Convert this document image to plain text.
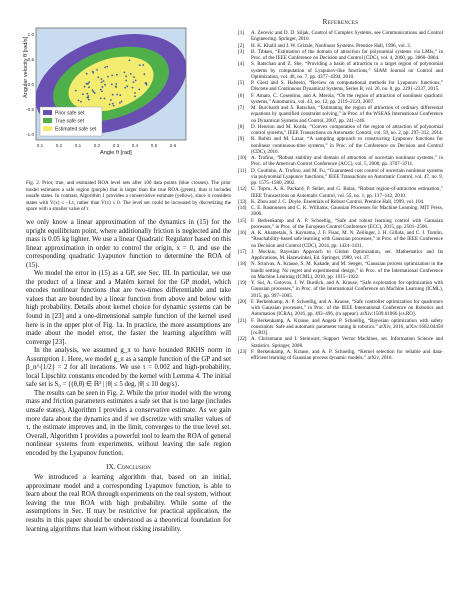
Prior safe set
True safe set
Estimated safe set
1.0
0.5
0.0
-0.5
-1.0
0.1	0.2	0.1	0.2	0.3	0.4	0.5	0.6
Angular velocity θ̇ [rad/s]
Angle θ [rad]
Fig. 2. Prior, true, and estimated ROA level sets after 100 data points (blue crosses). The prior model estimates a safe region (purple) that is larger than the true ROA (green), thus it includes unsafe states. In contrast, Algorithm 1 provides a conservative estimate (yellow), since it considers states with V̇(x) ≤ −Lτ, rather than V̇(x) ≤ 0. The level set could be increased by discretizing the space with a smaller value of τ.

we only know a linear approximation of the dynamics in (15) for the upright equilibrium point, where additionally friction is neglected and the mass is 0.05 kg lighter. We use a linear Quadratic Regulator based on this linear approximation in order to control the origin, x = 0, and use the corresponding quadratic Lyapunov function to determine the ROA of (15).

We model the error in (15) as a GP, see Sec. III. In particular, we use the product of a linear and a Matérn kernel for the GP model, which encodes nonlinear functions that are two-times differentiable and take values that are bounded by a linear function from above and below with high probability. Details about kernel choice for dynamic systems can be found in [23] and a one-dimensional sample function of the kernel used here is in the upper plot of Fig. 1a. In practice, the more assumptions are made about the model error, the faster the learning algorithm will converge [23].

In the analysis, we assumed g_π to have bounded RKHS norm in Assumption 1. Here, we model g_π as a sample function of the GP and set β_n^{1/2} = 2 for all iterations. We use τ = 0.002 and high-probability, local Lipschitz constants encoded by the kernel with Lemma 4. The initial safe set is S₀ = {(θ,θ̇) ∈ ℝ² | |θ| ≤ 5 deg, |θ̇| ≤ 10 deg/s}.

The results can be seen in Fig. 2. While the prior model with the wrong mass and friction parameters estimates a safe set that is too large (includes unsafe states), Algorithm I provides a conservative estimate. As we gain more data about the dynamics and if we discretize with smaller values of τ, the estimate improves and, in the limit, converges to the true level set. Overall, Algorithm I provides a powerful tool to learn the ROA of general nonlinear systems from experiments, without leaving the safe region encoded by the Lyapunov function.

IX. Conclusion

We introduced a learning algorithm that, based on an initial, approximate model and a corresponding Lyapunov function, is able to learn about the real ROA through experiments on the real system, without leaving the true ROA with high probability. While some of the assumptions in Sec. II may be restrictive for practical application, the results in this paper should be understood as a theoretical foundation for learning algorithms that learn without risking instability.

References
[1] A. Zecevic and D. D. Siljak, Control of Complex Systems, see Communications and Control Engineering. Springer, 2010.
[2] H. K. Khalil and J. W. Grizzle, Nonlinear Systems. Prentice Hall, 1996, vol. 3.
[3] B. Tibken, “Estimation of the domain of attraction for polynomial systems via LMIs,” in Proc. of the IEEE Conference on Decision and Control (CDC), vol. 4, 2000, pp. 3860–3864.
[4] S. Ratschan and Z. She, “Providing a basin of attraction to a target region of polynomial systems by computation of Lyapunov-like functions,” SIAM Journal on Control and Optimization, vol. 48, no. 7, pp. 4377–4394, 2010.
[5] P. Giesl and S. Hafstein, “Review on computational methods for Lyapunov functions,” Discrete and Continuous Dynamical Systems, Series B, vol. 20, no. 8, pp. 2291–2337, 2015.
[6] F. Amato, C. Cosentino, and A. Merola, “On the region of attraction of nonlinear quadratic systems,” Automatica, vol. 43, no. 12, pp. 2119–2123, 2007.
[7] M. Burchardt and S. Ratschan, “Estimating the region of attraction of ordinary differential equations by quantified constraint solving,” in Proc. of the WSEAS International Conference on Dynamical Systems and Control, 2007, pp. 241–246.
[8] D. Henrion and M. Korda, “Convex computation of the region of attraction of polynomial control systems,” IEEE Transactions on Automatic Control, vol. 59, no. 2, pp. 297–312, 2014.
[9] R. Bobiti and M. Lazar, “A sampling approach to constructing Lyapunov functions for nonlinear continuous-time systems,” in Proc. of the Conference on Decision and Control (CDC), 2016.
[10] A. Trofino, “Robust stability and domain of attraction of uncertain nonlinear systems,” in Proc. of the American Control Conference (ACC), vol. 5, 2000, pp. 3707–3711.
[11] D. Coutinho, A. Trofino, and M. Fu, “Guaranteed cost control of uncertain nonlinear systems via polynomial Lyapunov functions,” IEEE Transactions on Automatic Control, vol. 47, no. 9, pp. 1575–1580, 2002.
[12] U. Topcu, A. K. Packard, P. Seiler, and G. Balas, “Robust region-of-attraction estimation,” IEEE Transactions on Automatic Control, vol. 55, no. 1, pp. 137–142, 2010.
[13] K. Zhou and J. C. Doyle, Essentials of Robust Control. Prentice Hall, 1999, vol. 104.
[14] C. E. Rasmussen and C. K. Williams, Gaussian Processes for Machine Learning. MIT Press, 2006.
[15] F. Berkenkamp and A. P. Schoellig, “Safe and robust learning control with Gaussian processes,” in Proc. of the European Control Conference (ECC), 2015, pp. 2501–2506.
[16] A. K. Akametalu, S. Kaynama, J. F. Fisac, M. N. Zeilinger, J. H. Gillula, and C. J. Tomlin, “Reachability-based safe learning with Gaussian processes,” in Proc. of the IEEE Conference on Decision and Control (CDC), 2014, pp. 1424–1431.
[17] J. Mockus, Bayesian Approach to Global Optimization, ser. Mathematics and Its Applications, M. Hazewinkel, Ed. Springer, 1989, vol. 37.
[18] N. Srinivas, A. Krause, S. M. Kakade, and M. Seeger, “Gaussian process optimization in the bandit setting: No regret and experimental design,” in Proc. of the International Conference on Machine Learning (ICML), 2010, pp. 1015–1022.
[19] Y. Sui, A. Gotovos, J. W. Burdick, and A. Krause, “Safe exploration for optimization with Gaussian processes,” in Proc. of the International Conference on Machine Learning (ICML), 2015, pp. 997–1005.
[20] F. Berkenkamp, A. P. Schoellig, and A. Krause, “Safe controller optimization for quadrotors with Gaussian processes,” in Proc. of the IEEE International Conference on Robotics and Automation (ICRA), 2016, pp. 493–496, (to appear). arXiv:1509.01066 [cs.RO].
[21] F. Berkenkamp, A. Krause, and Angela P. Schoellig, “Bayesian optimization with safety constraints: Safe and automatic parameter tuning in robotics.” arXiv, 2016, arXiv:1602.04450 [cs.RO].
[22] A. Christmann and I. Steinwart, Support Vector Machines, ser. Information Science and Statistics. Springer, 2008.
[23] F. Berkenkamp, A. Krause, and A. P. Schoellig, “Kernel selection for reliable and data-efficient learning of Gaussian process dynamic models.” arXiv, 2016.
